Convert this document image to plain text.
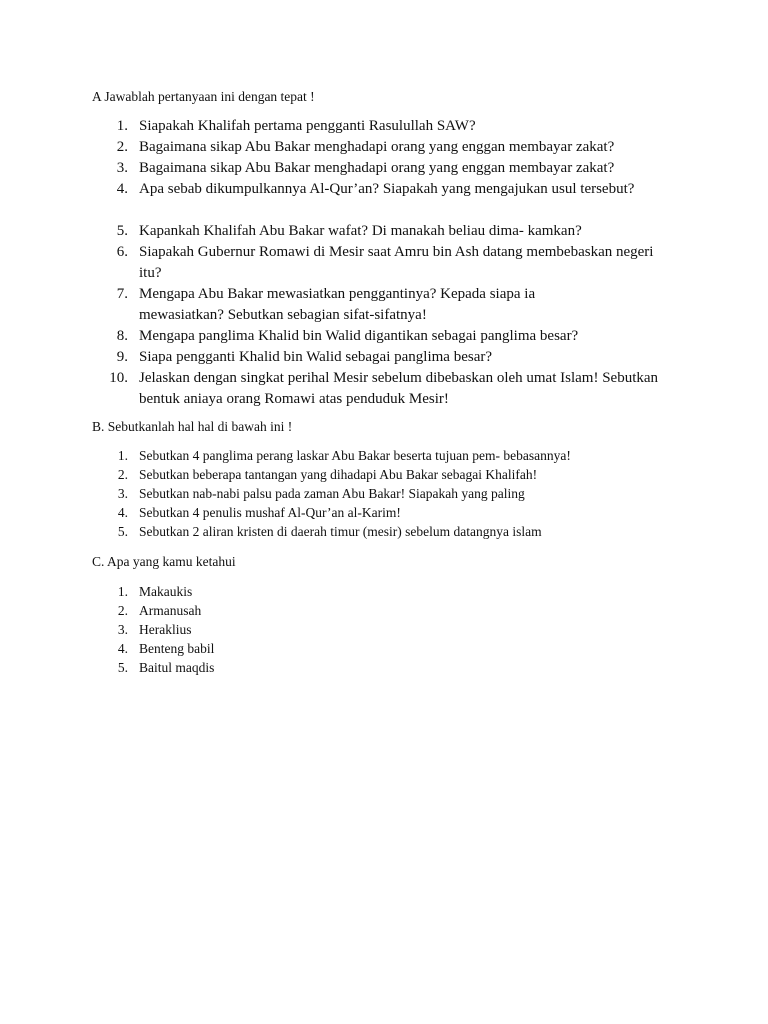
A Jawablah pertanyaan ini dengan tepat !
1. Siapakah Khalifah pertama pengganti Rasulullah SAW?
2. Bagaimana sikap Abu Bakar menghadapi orang yang enggan membayar zakat?
3. Bagaimana sikap Abu Bakar menghadapi orang yang enggan membayar zakat?
4. Apa sebab dikumpulkannya Al-Qur’an? Siapakah yang mengajukan usul tersebut?
5. Kapankah Khalifah Abu Bakar wafat? Di manakah beliau dima- kamkan?
6. Siapakah Gubernur Romawi di Mesir saat Amru bin Ash datang membebaskan negeri itu?
7. Mengapa Abu Bakar mewasiatkan penggantinya? Kepada siapa ia mewasiatkan? Sebutkan sebagian sifat-sifatnya!
8. Mengapa panglima Khalid bin Walid digantikan sebagai panglima besar?
9. Siapa pengganti Khalid bin Walid sebagai panglima besar?
10. Jelaskan dengan singkat perihal Mesir sebelum dibebaskan oleh umat Islam! Sebutkan bentuk aniaya orang Romawi atas penduduk Mesir!
B. Sebutkanlah hal hal di bawah ini !
1. Sebutkan 4 panglima perang laskar Abu Bakar beserta tujuan pem- bebasannya!
2. Sebutkan beberapa tantangan yang dihadapi Abu Bakar sebagai Khalifah!
3. Sebutkan nab-nabi palsu pada zaman Abu Bakar! Siapakah yang paling
4. Sebutkan 4 penulis mushaf Al-Qur’an al-Karim!
5. Sebutkan 2 aliran kristen di daerah timur (mesir) sebelum datangnya islam
C. Apa yang kamu ketahui
1. Makaukis
2. Armanusah
3. Heraklius
4. Benteng babil
5. Baitul maqdis
